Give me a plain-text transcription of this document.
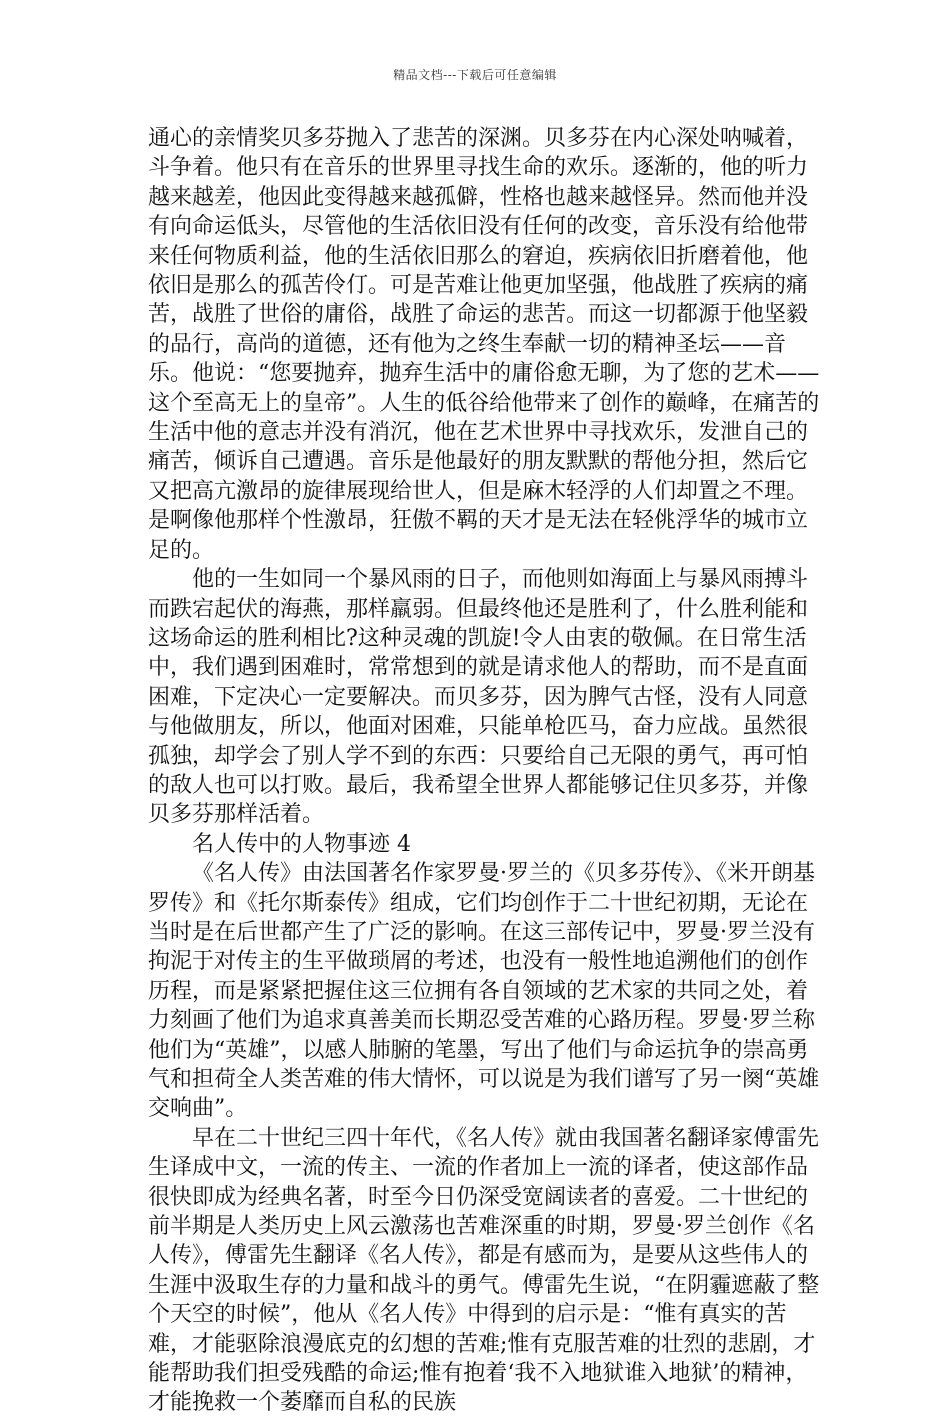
精品文档---下载后可任意编辑

通心的亲情奖贝多芬抛入了悲苦的深渊。贝多芬在内心深处呐喊着，斗争着。他只有在音乐的世界里寻找生命的欢乐。逐渐的，他的听力越来越差，他因此变得越来越孤僻，性格也越来越怪异。然而他并没有向命运低头，尽管他的生活依旧没有任何的改变，音乐没有给他带来任何物质利益，他的生活依旧那么的窘迫，疾病依旧折磨着他，他依旧是那么的孤苦伶仃。可是苦难让他更加坚强，他战胜了疾病的痛苦，战胜了世俗的庸俗，战胜了命运的悲苦。而这一切都源于他坚毅的品行，高尚的道德，还有他为之终生奉献一切的精神圣坛——音乐。他说：“您要抛弃，抛弃生活中的庸俗愈无聊，为了您的艺术——这个至高无上的皇帝”。人生的低谷给他带来了创作的巅峰，在痛苦的生活中他的意志并没有消沉，他在艺术世界中寻找欢乐，发泄自己的痛苦，倾诉自己遭遇。音乐是他最好的朋友默默的帮他分担，然后它又把高亢激昂的旋律展现给世人，但是麻木轻浮的人们却置之不理。是啊像他那样个性激昂，狂傲不羁的天才是无法在轻佻浮华的城市立足的。

他的一生如同一个暴风雨的日子，而他则如海面上与暴风雨搏斗而跌宕起伏的海燕，那样羸弱。但最终他还是胜利了，什么胜利能和这场命运的胜利相比?这种灵魂的凯旋!令人由衷的敬佩。在日常生活中，我们遇到困难时，常常想到的就是请求他人的帮助，而不是直面困难，下定决心一定要解决。而贝多芬，因为脾气古怪，没有人同意与他做朋友，所以，他面对困难，只能单枪匹马，奋力应战。虽然很孤独，却学会了别人学不到的东西：只要给自己无限的勇气，再可怕的敌人也可以打败。最后，我希望全世界人都能够记住贝多芬，并像贝多芬那样活着。

名人传中的人物事迹 4

《名人传》由法国著名作家罗曼·罗兰的《贝多芬传》、《米开朗基罗传》和《托尔斯泰传》组成，它们均创作于二十世纪初期，无论在当时是在后世都产生了广泛的影响。在这三部传记中，罗曼·罗兰没有拘泥于对传主的生平做琐屑的考述，也没有一般性地追溯他们的创作历程，而是紧紧把握住这三位拥有各自领域的艺术家的共同之处，着力刻画了他们为追求真善美而长期忍受苦难的心路历程。罗曼·罗兰称他们为“英雄”，以感人肺腑的笔墨，写出了他们与命运抗争的崇高勇气和担荷全人类苦难的伟大情怀，可以说是为我们谱写了另一阕“英雄交响曲”。

早在二十世纪三四十年代，《名人传》就由我国著名翻译家傅雷先生译成中文，一流的传主、一流的作者加上一流的译者，使这部作品很快即成为经典名著，时至今日仍深受宽阔读者的喜爱。二十世纪的前半期是人类历史上风云激荡也苦难深重的时期，罗曼·罗兰创作《名人传》，傅雷先生翻译《名人传》，都是有感而为，是要从这些伟人的生涯中汲取生存的力量和战斗的勇气。傅雷先生说，“在阴霾遮蔽了整个天空的时候”，他从《名人传》中得到的启示是：“惟有真实的苦难，才能驱除浪漫底克的幻想的苦难;惟有克服苦难的壮烈的悲剧，才能帮助我们担受残酷的命运;惟有抱着‘我不入地狱谁入地狱’的精神，才能挽救一个萎靡而自私的民族
